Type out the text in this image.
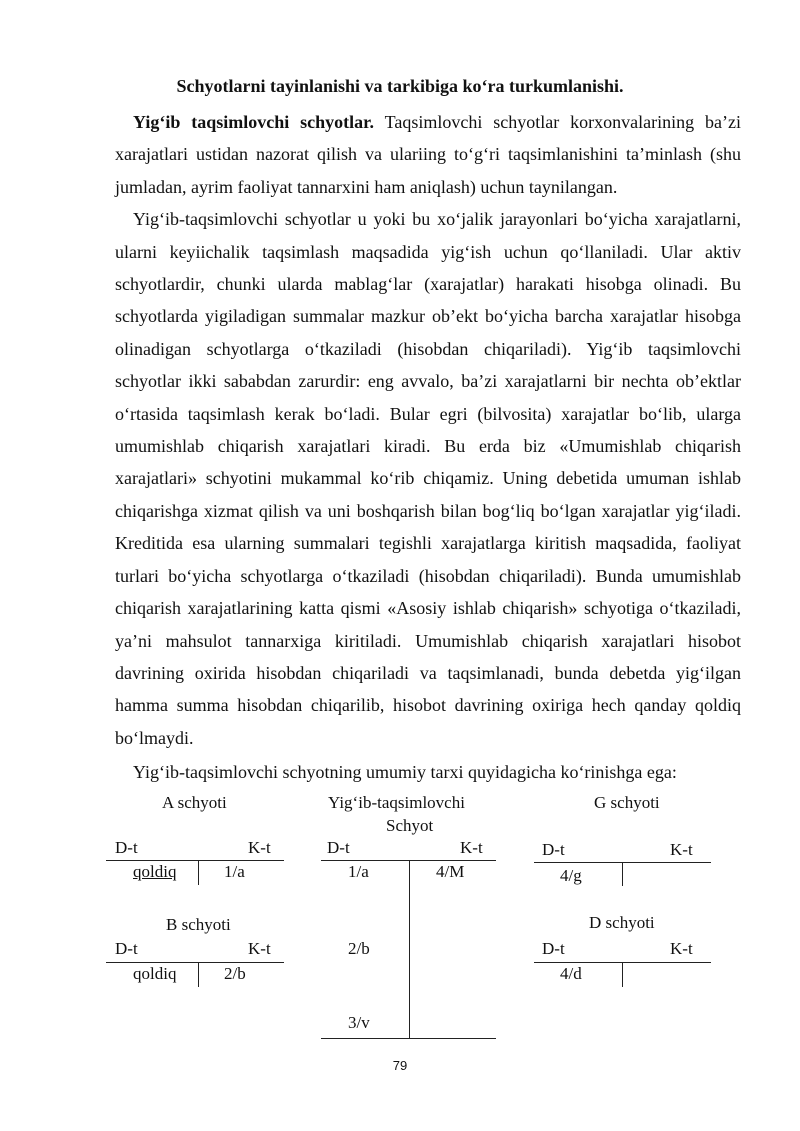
Schyotlarni tayinlanishi va tarkibiga ko‘ra turkumlanishi.

Yig‘ib taqsimlovchi schyotlar. Taqsimlovchi schyotlar korxonvalarining ba’zi xarajatlari ustidan nazorat qilish va ulariing to‘g‘ri taqsimlanishini ta’minlash (shu jumladan, ayrim faoliyat tannarxini ham aniqlash) uchun taynilangan.

Yig‘ib-taqsimlovchi schyotlar u yoki bu xo‘jalik jarayonlari bo‘yicha xarajatlarni, ularni keyiichalik taqsimlash maqsadida yig‘ish uchun qo‘llaniladi. Ular aktiv schyotlardir, chunki ularda mablag‘lar (xarajatlar) harakati hisobga olinadi. Bu schyotlarda yigiladigan summalar mazkur ob’ekt bo‘yicha barcha xarajatlar hisobga olinadigan schyotlarga o‘tkaziladi (hisobdan chiqariladi). Yig‘ib taqsimlovchi schyotlar ikki sababdan zarurdir: eng avvalo, ba’zi xarajatlarni bir nechta ob’ektlar o‘rtasida taqsimlash kerak bo‘ladi. Bular egri (bilvosita) xarajatlar bo‘lib, ularga umumishlab chiqarish xarajatlari kiradi. Bu erda biz «Umumishlab chiqarish xarajatlari» schyotini mukammal ko‘rib chiqamiz. Uning debetida umuman ishlab chiqarishga xizmat qilish va uni boshqarish bilan bog‘liq bo‘lgan xarajatlar yig‘iladi. Kreditida esa ularning summalari tegishli xarajatlarga kiritish maqsadida, faoliyat turlari bo‘yicha schyotlarga o‘tkaziladi (hisobdan chiqariladi). Bunda umumishlab chiqarish xarajatlarining katta qismi «Asosiy ishlab chiqarish» schyotiga o‘tkaziladi, ya’ni mahsulot tannarxiga kiritiladi. Umumishlab chiqarish xarajatlari hisobot davrining oxirida hisobdan chiqariladi va taqsimlanadi, bunda debetda yig‘ilgan hamma summa hisobdan chiqarilib, hisobot davrining oxiriga hech qanday qoldiq bo‘lmaydi.

Yig‘ib-taqsimlovchi schyotning umumiy tarxi quyidagicha ko‘rinishga ega:
A schyoti
D-t	K-t
qoldiq	1/a
B schyoti
D-t	K-t
qoldiq	2/b
Yig‘ib-taqsimlovchi
Schyot
D-t	K-t
1/a	4/M
2/b
3/v
G schyoti
D-t	K-t
4/g
D schyoti
D-t	K-t
4/d
79
